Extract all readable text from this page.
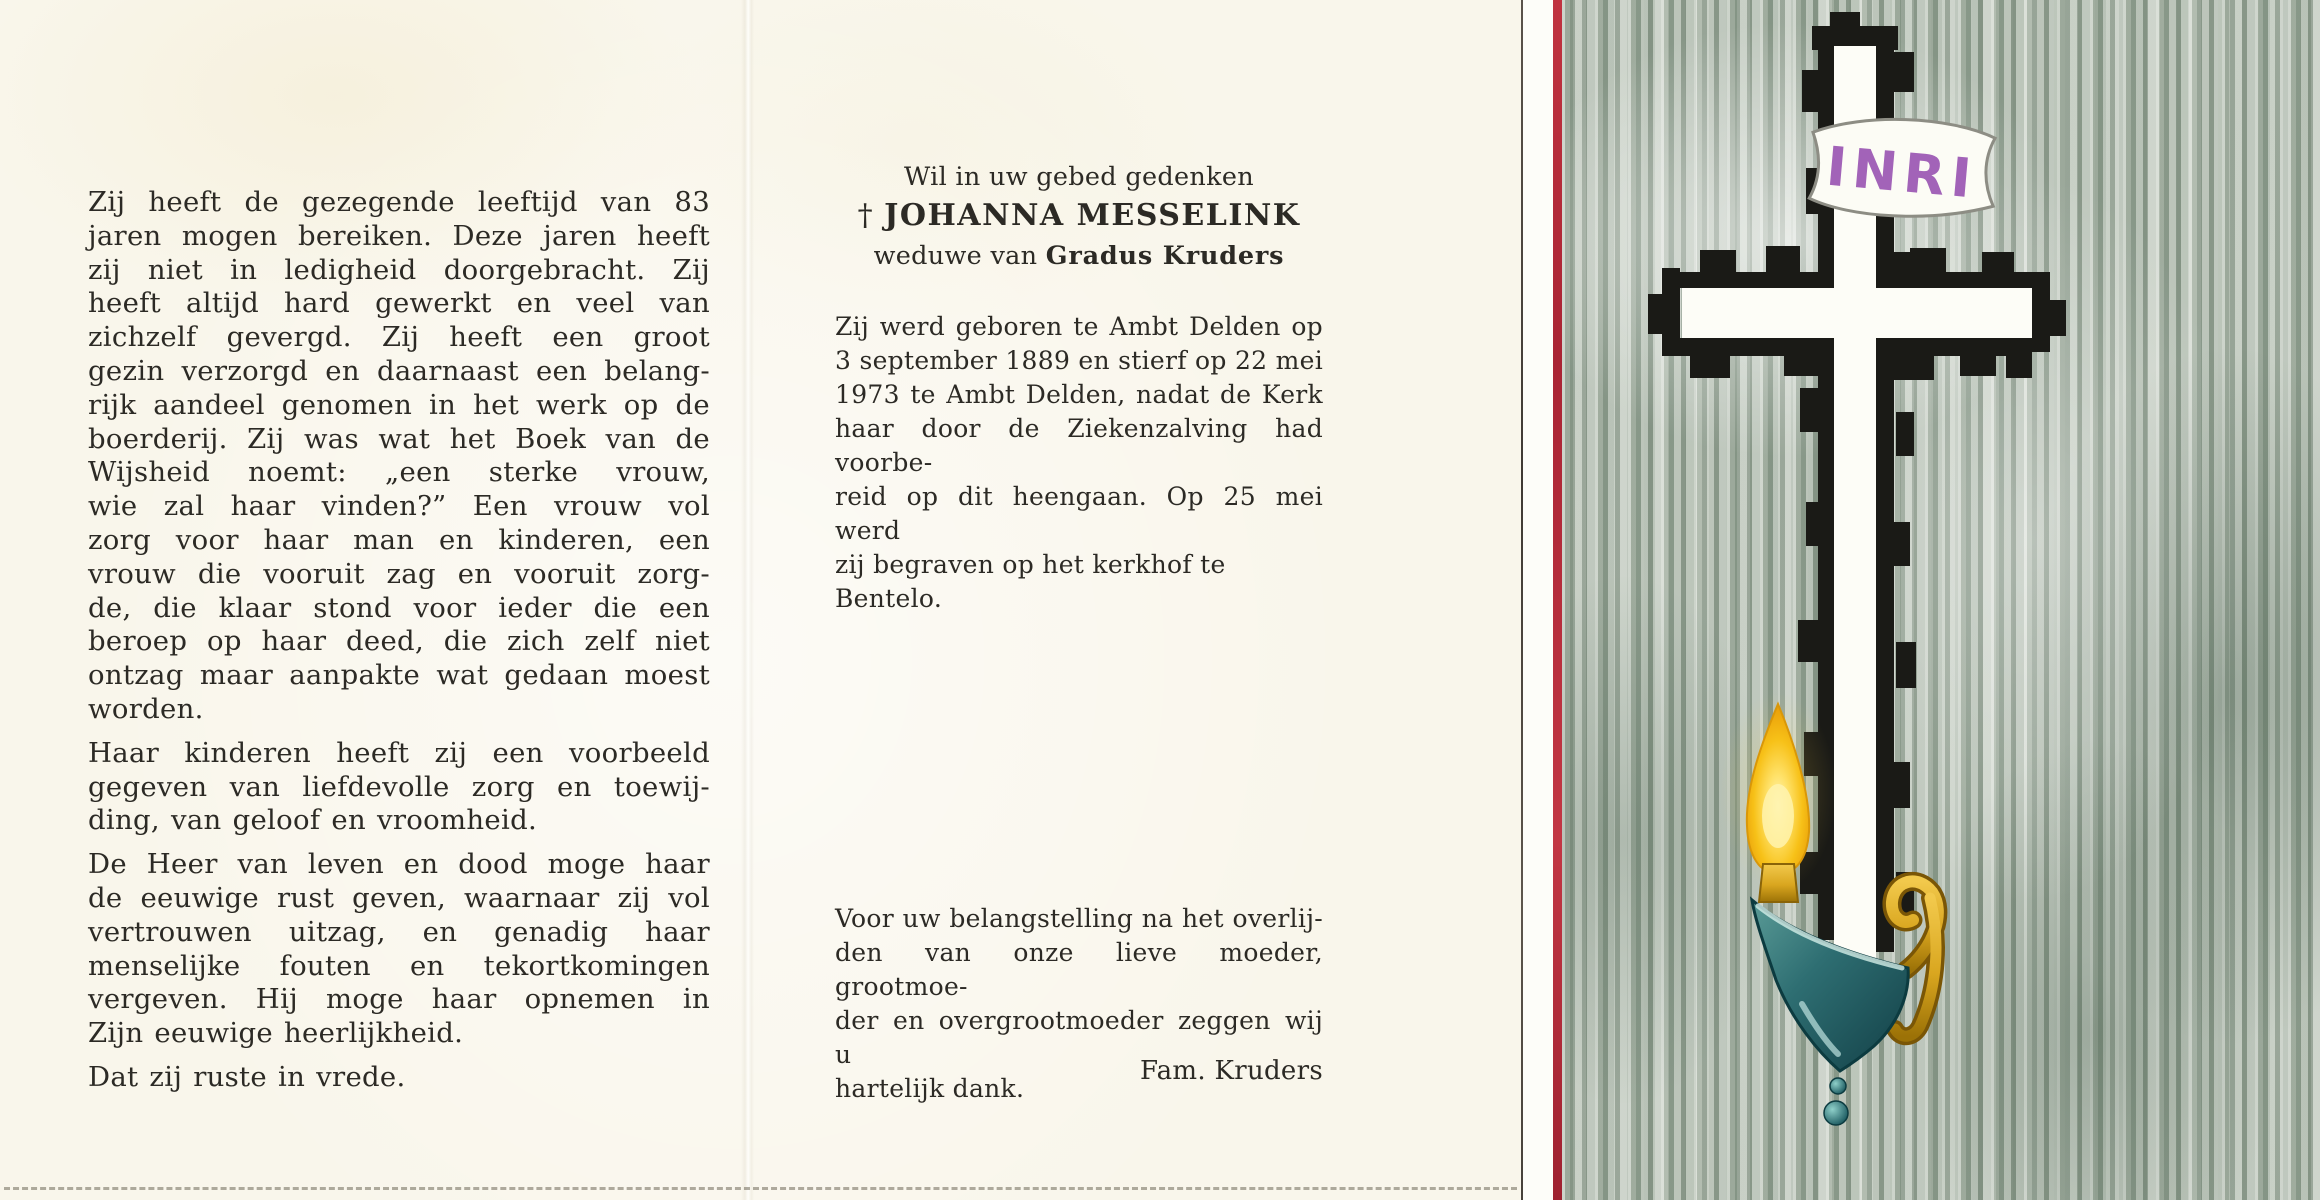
Zij heeft de gezegende leeftijd van 83
jaren mogen bereiken. Deze jaren heeft
zij niet in ledigheid doorgebracht. Zij
heeft altijd hard gewerkt en veel van
zichzelf gevergd. Zij heeft een groot
gezin verzorgd en daarnaast een belang-
rijk aandeel genomen in het werk op de
boerderij. Zij was wat het Boek van de
Wijsheid noemt: „een sterke vrouw,
wie zal haar vinden?” Een vrouw vol
zorg voor haar man en kinderen, een
vrouw die vooruit zag en vooruit zorg-
de, die klaar stond voor ieder die een
beroep op haar deed, die zich zelf niet
ontzag maar aanpakte wat gedaan moest
worden.
Haar kinderen heeft zij een voorbeeld
gegeven van liefdevolle zorg en toewij-
ding, van geloof en vroomheid.
De Heer van leven en dood moge haar
de eeuwige rust geven, waarnaar zij vol
vertrouwen uitzag, en genadig haar
menselijke fouten en tekortkomingen
vergeven. Hij moge haar opnemen in
Zijn eeuwige heerlijkheid.
Dat zij ruste in vrede.
Wil in uw gebed gedenken
† JOHANNA MESSELINK
weduwe van Gradus Kruders
Zij werd geboren te Ambt Delden op
3 september 1889 en stierf op 22 mei
1973 te Ambt Delden, nadat de Kerk
haar door de Ziekenzalving had voorbe-
reid op dit heengaan. Op 25 mei werd
zij begraven op het kerkhof te Bentelo.
Voor uw belangstelling na het overlij-
den van onze lieve moeder, grootmoe-
der en overgrootmoeder zeggen wij u
hartelijk dank.
Fam. Kruders
INRI
